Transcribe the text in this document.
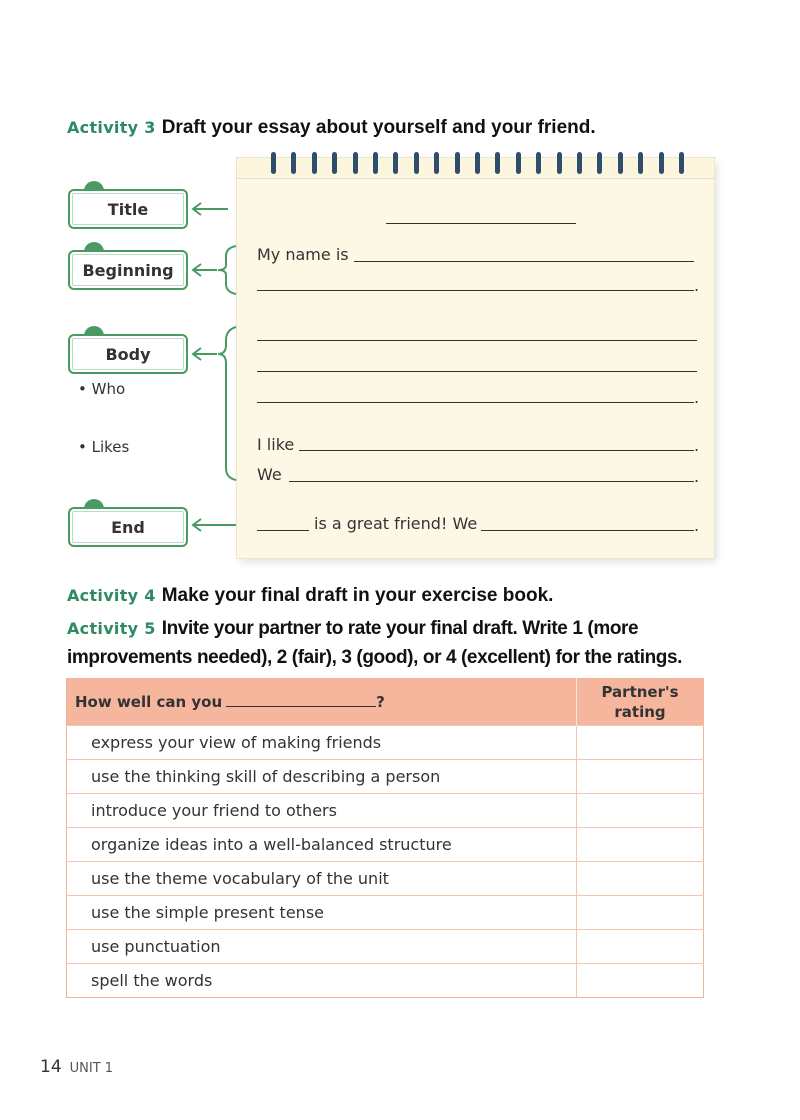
Activity 3 Draft your essay about yourself and your friend.
My name is
.
.
I like	.
We	.
is a great friend! We	.
Title
Beginning
Body
• Who
• Likes
End
Activity 4 Make your final draft in your exercise book.
Activity 5 Invite your partner to rate your final draft. Write 1 (more improvements needed), 2 (fair), 3 (good), or 4 (excellent) for the ratings.
How well can you ?	Partner's rating
express your view of making friends	
use the thinking skill of describing a person	
introduce your friend to others	
organize ideas into a well-balanced structure	
use the theme vocabulary of the unit	
use the simple present tense	
use punctuation	
spell the words	
14 UNIT 1
